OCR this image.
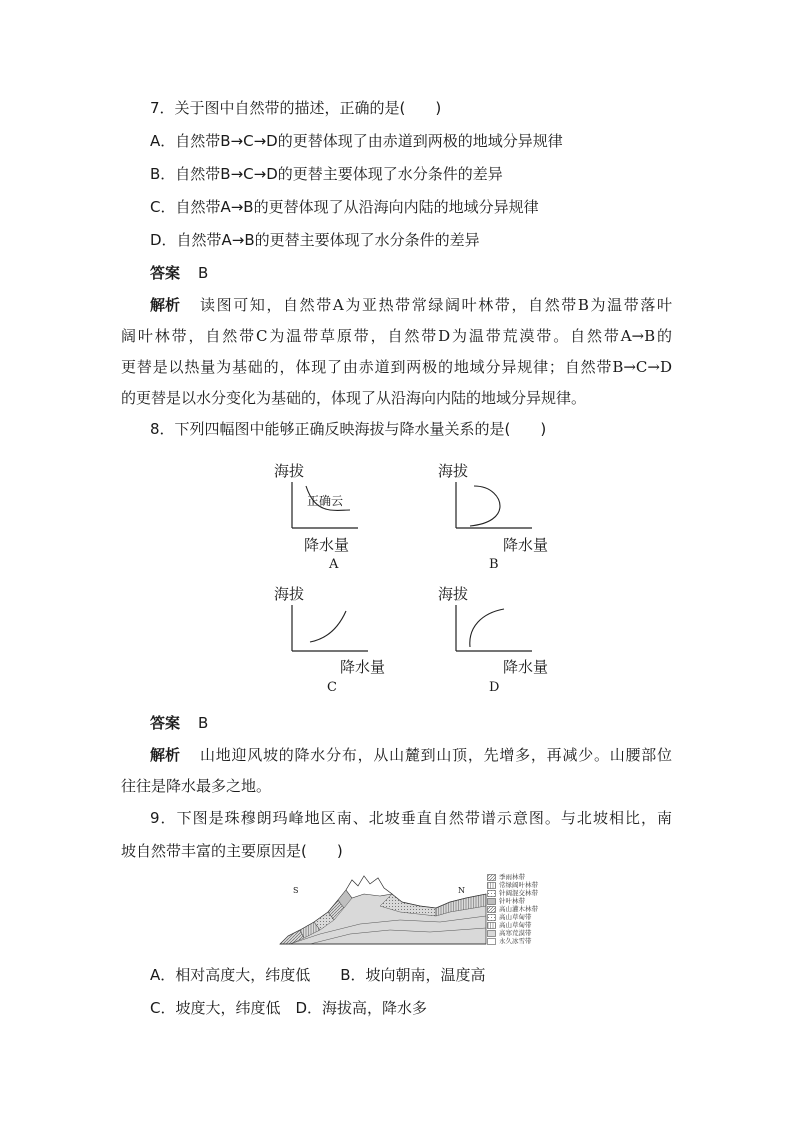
7．关于图中自然带的描述，正确的是(　　)
A．自然带B→C→D的更替体现了由赤道到两极的地域分异规律
B．自然带B→C→D的更替主要体现了水分条件的差异
C．自然带A→B的更替体现了从沿海向内陆的地域分异规律
D．自然带A→B的更替主要体现了水分条件的差异
答案 B
解析 读图可知，自然带A为亚热带常绿阔叶林带，自然带B为温带落叶
阔叶林带，自然带C为温带草原带，自然带D为温带荒漠带。自然带A→B的
更替是以热量为基础的，体现了由赤道到两极的地域分异规律；自然带B→C→D
的更替是以水分变化为基础的，体现了从沿海向内陆的地域分异规律。
8．下列四幅图中能够正确反映海拔与降水量关系的是(　　)
海拔
正确云
降水量
A
海拔
降水量
B
海拔
降水量
C
海拔
降水量
D
答案 B
解析 山地迎风坡的降水分布，从山麓到山顶，先增多，再减少。山腰部位
往往是降水最多之地。
9．下图是珠穆朗玛峰地区南、北坡垂直自然带谱示意图。与北坡相比，南
坡自然带丰富的主要原因是(　　)
S	N
季雨林带
常绿阔叶林带
针阔混交林带
针叶林带
高山灌木林带
高山草甸带
高山草甸带
高寒荒漠带
永久冰雪带
A．相对高度大，纬度低　　B．坡向朝南，温度高
C．坡度大，纬度低　D．海拔高，降水多
